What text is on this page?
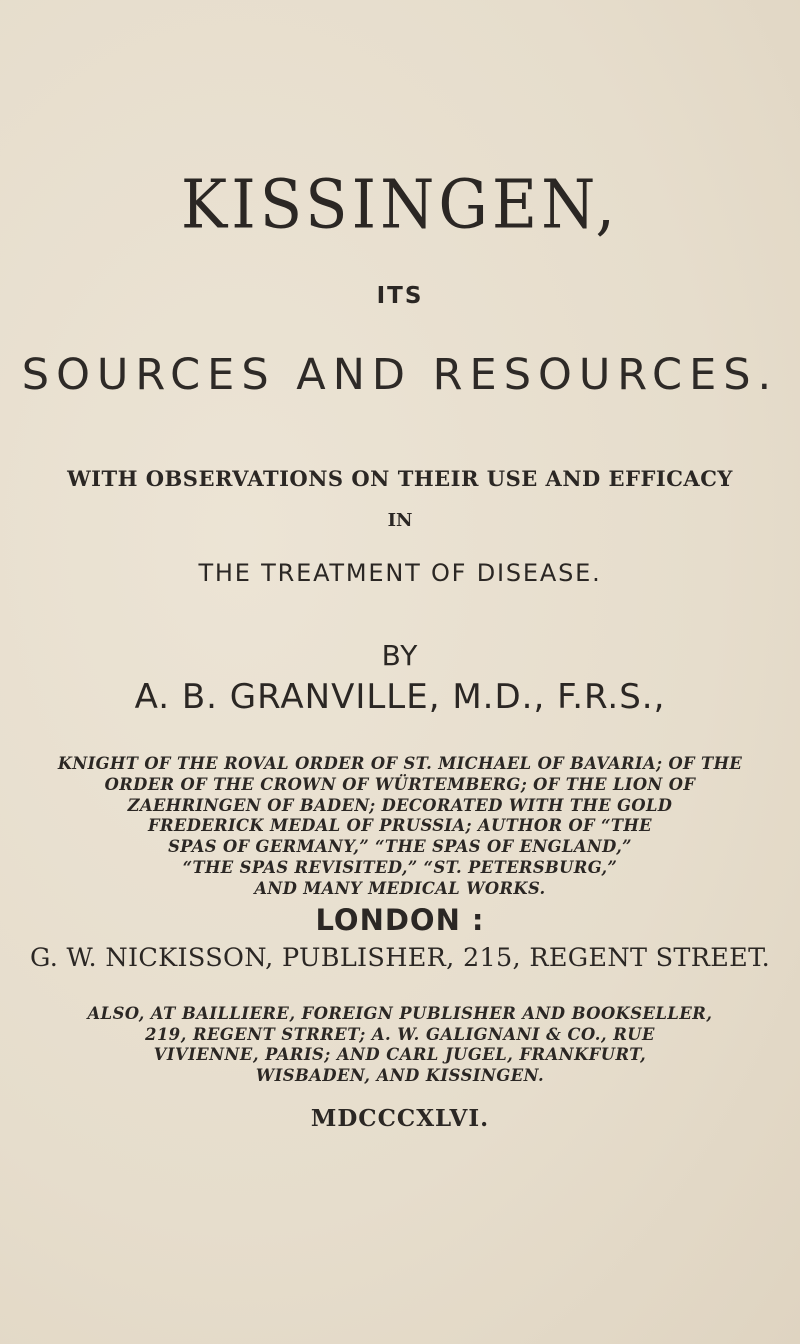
KISSINGEN,
ITS
SOURCES AND RESOURCES.
WITH OBSERVATIONS ON THEIR USE AND EFFICACY
IN
THE TREATMENT OF DISEASE.
BY
A. B. GRANVILLE, M.D., F.R.S.,
KNIGHT OF THE ROVAL ORDER OF ST. MICHAEL OF BAVARIA; OF THE
ORDER OF THE CROWN OF WÜRTEMBERG; OF THE LION OF
ZAEHRINGEN OF BADEN; DECORATED WITH THE GOLD
FREDERICK MEDAL OF PRUSSIA; AUTHOR OF “THE
SPAS OF GERMANY,” “THE SPAS OF ENGLAND,”
“THE SPAS REVISITED,” “ST. PETERSBURG,”
AND MANY MEDICAL WORKS.
LONDON :
G. W. NICKISSON, PUBLISHER, 215, REGENT STREET.
ALSO, AT BAILLIERE, FOREIGN PUBLISHER AND BOOKSELLER,
219, REGENT STRRET; A. W. GALIGNANI & CO., RUE
VIVIENNE, PARIS; AND CARL JUGEL, FRANKFURT,
WISBADEN, AND KISSINGEN.
MDCCCXLVI.
